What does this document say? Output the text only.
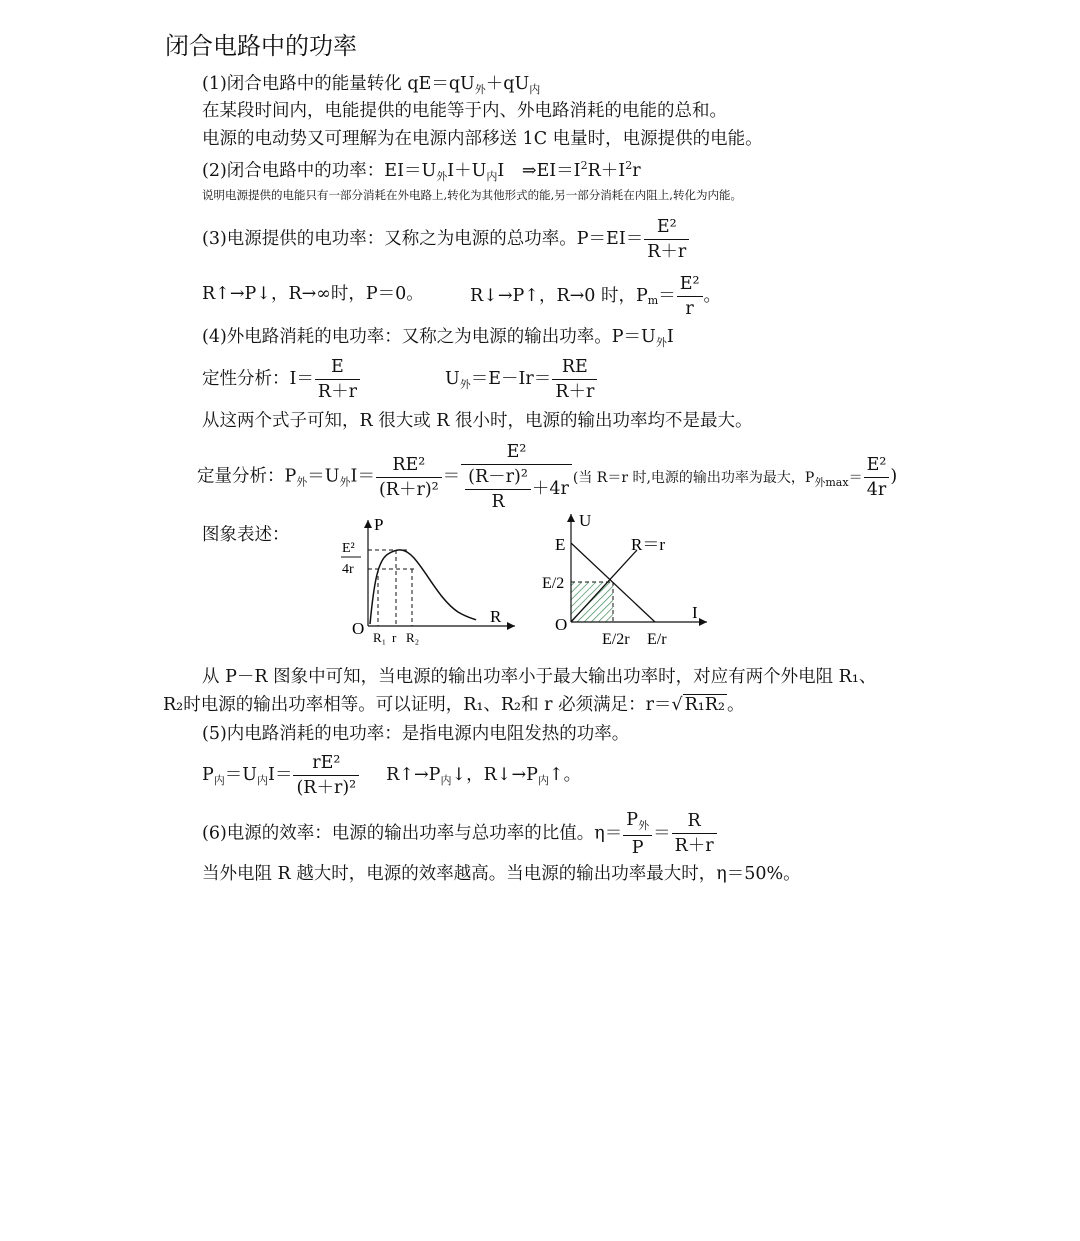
闭合电路中的功率
(1)闭合电路中的能量转化 $qE=qU_外+qU_内$
在某段时间内，电能提供的电能等于内、外电路消耗的电能的总和。
电源的电动势又可理解为在电源内部移送 1C 电量时，电源提供的电能。
(2)闭合电路中的功率：$EI=U_外I+U_内I$　$\Rightarrow EI=I^2R+I^2r$
说明电源提供的电能只有一部分消耗在外电路上,转化为其他形式的能,另一部分消耗在内阻上,转化为内能。
(3)电源提供的电功率：又称之为电源的总功率。$P=EI= \frac{\text{E²}}{R+r}$
R↑→P↓，R→∞时，P＝0。	R↓→P↑，R→0 时，$P_m= \frac{\text{E²}}{r}$ 。
(4)外电路消耗的电功率：又称之为电源的输出功率。$P=U_外I$
定性分析：$I= \frac{E}{R+r}$	$U_外=E-Ir= \frac{RE}{R+r}$
从这两个式子可知，R 很大或 R 很小时，电源的输出功率均不是最大。
定量分析：$P_外=U_外I= \frac{\text{RE²}}{\text{(R＋r)²}} = \frac{\text{E²}}{\frac{\text{(R－r)²}}{R} +4r}$ (当 R＝r 时,电源的输出功率为最大，$P_{外max}= \frac{\text{E²}}{4r}$ )
图象表述：
P
R
O
E²
4r
R₁ r R₂
U
I
O
E
E/2
R＝r
E/2r E/r
从 P－R 图象中可知，当电源的输出功率小于最大输出功率时，对应有两个外电阻 R₁、
R₂时电源的输出功率相等。可以证明，R₁、R₂和 r 必须满足：r＝√ R₁R₂ 。
(5)内电路消耗的电功率：是指电源内电阻发热的功率。
$P_内=U_内I= \frac{\text{rE²}}{\text{(R＋r)²}}$ $R↑\to P_内↓$，$R↓\to P_内↑$。
(6)电源的效率：电源的输出功率与总功率的比值。$\eta= \frac{P_外}{P} = \frac{R}{R+r}$
当外电阻 R 越大时，电源的效率越高。当电源的输出功率最大时，η＝50%。
